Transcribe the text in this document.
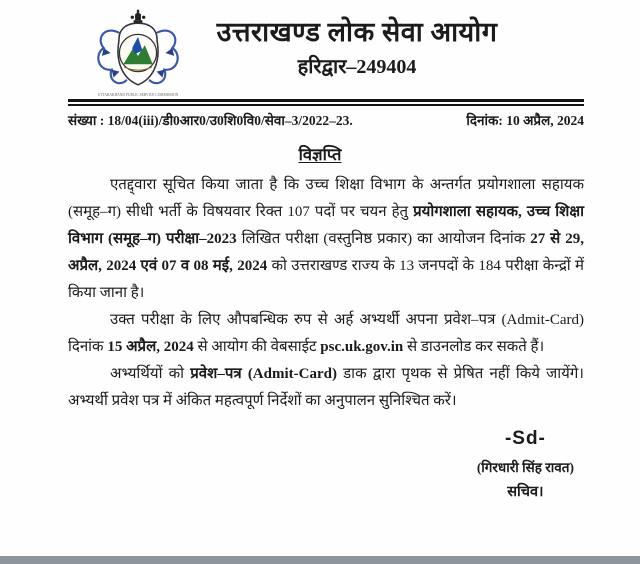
UTTARAKHAND PUBLIC SERVICE COMMISSION
उत्तराखण्ड लोक सेवा आयोग
हरिद्वार–249404
संख्या : 18/04(iii)/डी0आर0/उ0शि0वि0/सेवा–3/2022–23.	दिनांक: 10 अप्रैल, 2024
विज्ञप्ति

एतद्द्वारा सूचित किया जाता है कि उच्च शिक्षा विभाग के अन्तर्गत प्रयोगशाला सहायक (समूह–ग) सीधी भर्ती के विषयवार रिक्त 107 पदों पर चयन हेतु प्रयोगशाला सहायक, उच्च शिक्षा विभाग (समूह–ग) परीक्षा–2023 लिखित परीक्षा (वस्तुनिष्ठ प्रकार) का आयोजन दिनांक 27 से 29, अप्रैल, 2024 एवं 07 व 08 मई, 2024 को उत्तराखण्ड राज्य के 13 जनपदों के 184 परीक्षा केन्द्रों में किया जाना है।

उक्त परीक्षा के लिए औपबन्धिक रुप से अर्ह अभ्यर्थी अपना प्रवेश–पत्र (Admit-Card) दिनांक 15 अप्रैल, 2024 से आयोग की वेबसाईट psc.uk.gov.in से डाउनलोड कर सकते हैं।

अभ्यर्थियों को प्रवेश–पत्र (Admit-Card) डाक द्वारा पृथक से प्रेषित नहीं किये जायेंगे। अभ्यर्थी प्रवेश पत्र में अंकित महत्वपूर्ण निर्देशों का अनुपालन सुनिश्चित करें।

-Sd-
(गिरधारी सिंह रावत)
सचिव।
